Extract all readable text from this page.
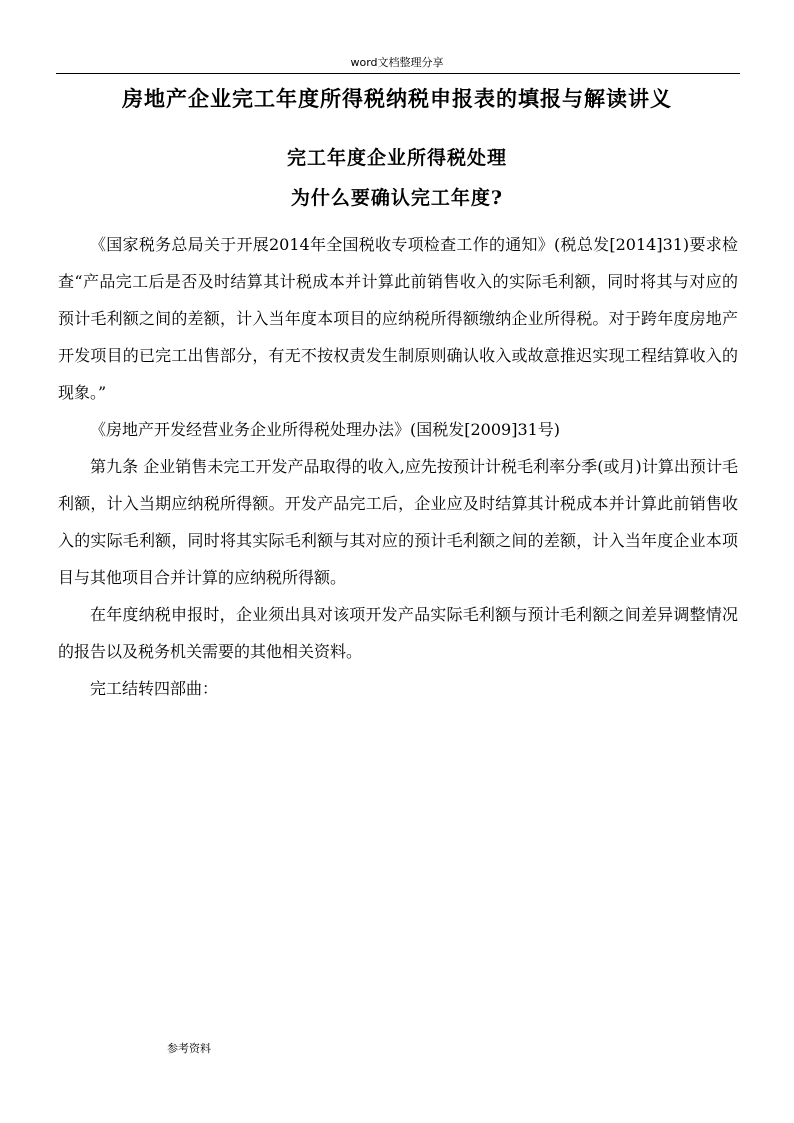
word文档整理分享
房地产企业完工年度所得税纳税申报表的填报与解读讲义
完工年度企业所得税处理
为什么要确认完工年度?

《国家税务总局关于开展2014年全国税收专项检查工作的通知》(税总发[2014]31)要求检查“产品完工后是否及时结算其计税成本并计算此前销售收入的实际毛利额，同时将其与对应的预计毛利额之间的差额，计入当年度本项目的应纳税所得额缴纳企业所得税。对于跨年度房地产开发项目的已完工出售部分，有无不按权责发生制原则确认收入或故意推迟实现工程结算收入的现象。”

《房地产开发经营业务企业所得税处理办法》(国税发[2009]31号)

第九条 企业销售未完工开发产品取得的收入,应先按预计计税毛利率分季(或月)计算出预计毛利额，计入当期应纳税所得额。开发产品完工后，企业应及时结算其计税成本并计算此前销售收入的实际毛利额，同时将其实际毛利额与其对应的预计毛利额之间的差额，计入当年度企业本项目与其他项目合并计算的应纳税所得额。

在年度纳税申报时，企业须出具对该项开发产品实际毛利额与预计毛利额之间差异调整情况的报告以及税务机关需要的其他相关资料。

完工结转四部曲：

参考资料
